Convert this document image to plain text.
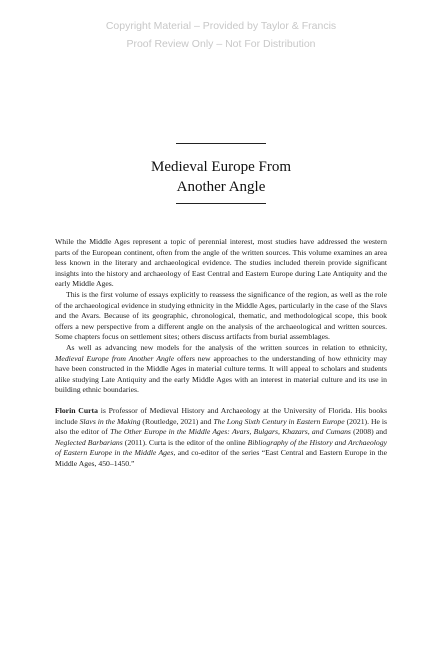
Copyright Material – Provided by Taylor & Francis
Proof Review Only – Not For Distribution
Medieval Europe From
Another Angle

While the Middle Ages represent a topic of perennial interest, most studies have addressed the western parts of the European continent, often from the angle of the written sources. This volume examines an area less known in the literary and archaeological evidence. The studies included therein provide significant insights into the history and archaeology of East Central and Eastern Europe during Late Antiquity and the early Middle Ages.

This is the first volume of essays explicitly to reassess the significance of the region, as well as the role of the archaeological evidence in studying ethnicity in the Middle Ages, particularly in the case of the Slavs and the Avars. Because of its geographic, chronological, thematic, and methodological scope, this book offers a new perspective from a different angle on the analysis of the archaeological and written sources. Some chapters focus on settlement sites; others discuss artifacts from burial assemblages.

As well as advancing new models for the analysis of the written sources in relation to ethnicity, Medieval Europe from Another Angle offers new approaches to the understanding of how ethnicity may have been constructed in the Middle Ages in material culture terms. It will appeal to scholars and students alike studying Late Antiquity and the early Middle Ages with an interest in material culture and its use in building ethnic boundaries.

Florin Curta is Professor of Medieval History and Archaeology at the University of Florida. His books include Slavs in the Making (Routledge, 2021) and The Long Sixth Century in Eastern Europe (2021). He is also the editor of The Other Europe in the Middle Ages: Avars, Bulgars, Khazars, and Cumans (2008) and Neglected Barbarians (2011). Curta is the editor of the online Bibliography of the History and Archaeology of Eastern Europe in the Middle Ages, and co-editor of the series “East Central and Eastern Europe in the Middle Ages, 450–1450.”
